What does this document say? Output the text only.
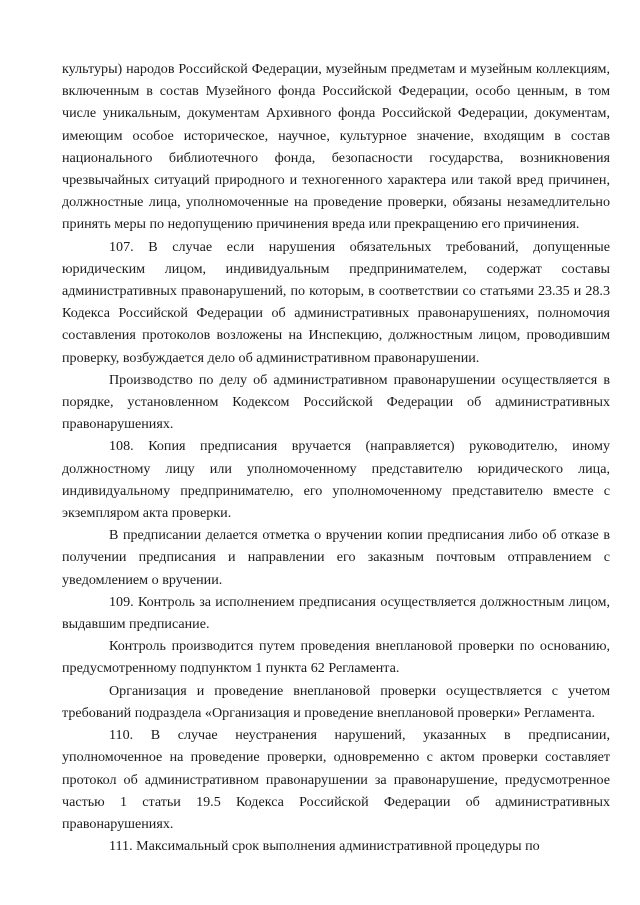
культуры) народов Российской Федерации, музейным предметам и музейным коллекциям, включенным в состав Музейного фонда Российской Федерации, особо ценным, в том числе уникальным, документам Архивного фонда Российской Федерации, документам, имеющим особое историческое, научное, культурное значение, входящим в состав национального библиотечного фонда, безопасности государства, возникновения чрезвычайных ситуаций природного и техногенного характера или такой вред причинен, должностные лица, уполномоченные на проведение проверки, обязаны незамедлительно принять меры по недопущению причинения вреда или прекращению его причинения.

107. В случае если нарушения обязательных требований, допущенные юридическим лицом, индивидуальным предпринимателем, содержат составы административных правонарушений, по которым, в соответствии со статьями 23.35 и 28.3 Кодекса Российской Федерации об административных правонарушениях, полномочия составления протоколов возложены на Инспекцию, должностным лицом, проводившим проверку, возбуждается дело об административном правонарушении.

Производство по делу об административном правонарушении осуществляется в порядке, установленном Кодексом Российской Федерации об административных правонарушениях.

108. Копия предписания вручается (направляется) руководителю, иному должностному лицу или уполномоченному представителю юридического лица, индивидуальному предпринимателю, его уполномоченному представителю вместе с экземпляром акта проверки.

В предписании делается отметка о вручении копии предписания либо об отказе в получении предписания и направлении его заказным почтовым отправлением с уведомлением о вручении.

109. Контроль за исполнением предписания осуществляется должностным лицом, выдавшим предписание.

Контроль производится путем проведения внеплановой проверки по основанию, предусмотренному подпунктом 1 пункта 62 Регламента.

Организация и проведение внеплановой проверки осуществляется с учетом требований подраздела «Организация и проведение внеплановой проверки» Регламента.

110. В случае неустранения нарушений, указанных в предписании, уполномоченное на проведение проверки, одновременно с актом проверки составляет протокол об административном правонарушении за правонарушение, предусмотренное частью 1 статьи 19.5 Кодекса Российской Федерации об административных правонарушениях.

111. Максимальный срок выполнения административной процедуры по
